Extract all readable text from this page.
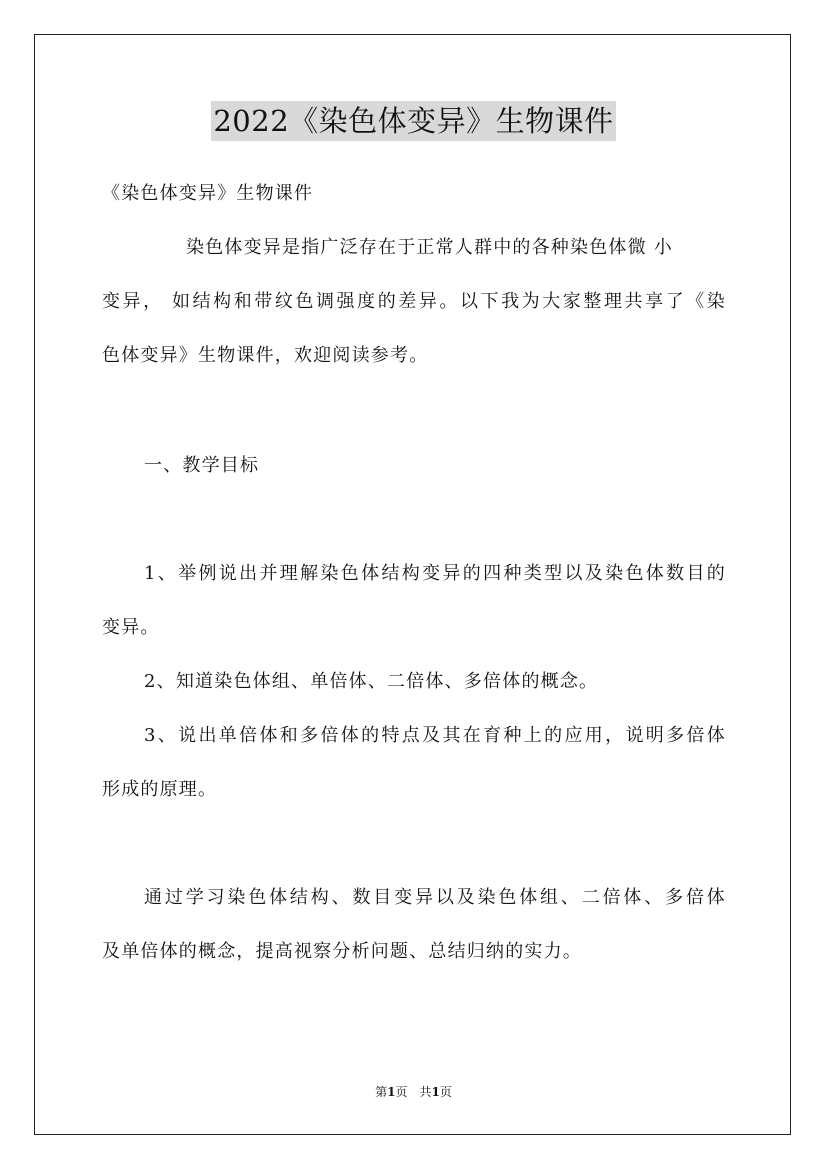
2022《染色体变异》生物课件
《染色体变异》生物课件
染色体变异是指广泛存在于正常人群中的各种染色体微 小
变异， 如结构和带纹色调强度的差异。以下我为大家整理共享了《染
色体变异》生物课件，欢迎阅读参考。
一、教学目标
1、举例说出并理解染色体结构变异的四种类型以及染色体数目的
变异。
2、知道染色体组、单倍体、二倍体、多倍体的概念。
3、说出单倍体和多倍体的特点及其在育种上的应用，说明多倍体
形成的原理。
通过学习染色体结构、数目变异以及染色体组、二倍体、多倍体
及单倍体的概念，提高视察分析问题、总结归纳的实力。
第1页　共1页
